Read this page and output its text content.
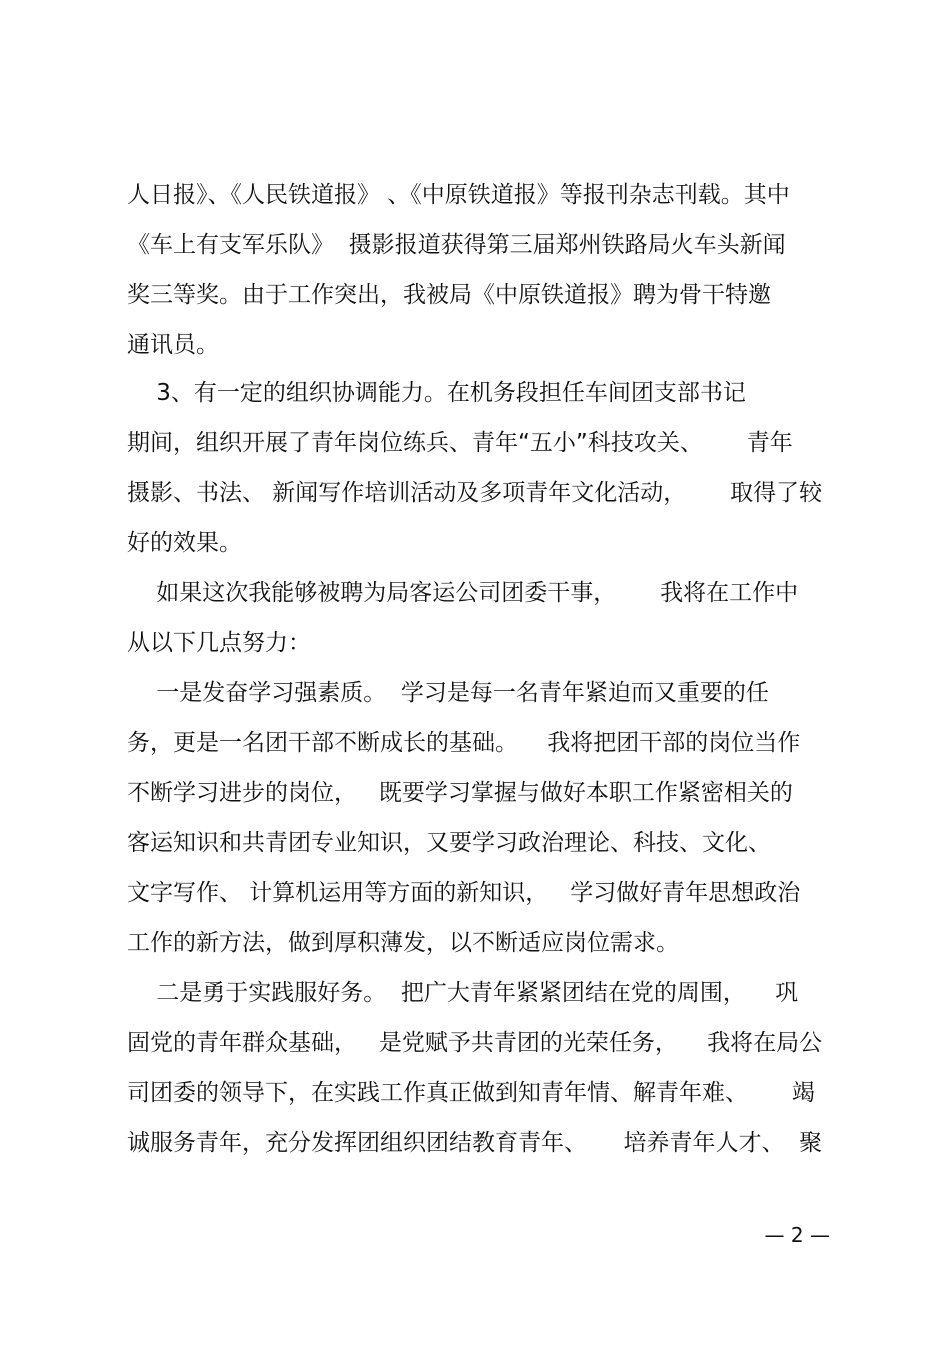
人日报》、《人民铁道报》 、《中原铁道报》等报刊杂志刊载。其中
《车上有支军乐队》  摄影报道获得第三届郑州铁路局火车头新闻
奖三等奖。由于工作突出，我被局《中原铁道报》聘为骨干特邀
通讯员。
3、有一定的组织协调能力。在机务段担任车间团支部书记
期间，组织开展了青年岗位练兵、青年“五小”科技攻关、      青年
摄影、书法、 新闻写作培训活动及多项青年文化活动，      取得了较
好的效果。
如果这次我能够被聘为局客运公司团委干事，      我将在工作中
从以下几点努力：
一是发奋学习强素质。  学习是每一名青年紧迫而又重要的任
务，更是一名团干部不断成长的基础。    我将把团干部的岗位当作
不断学习进步的岗位，   既要学习掌握与做好本职工作紧密相关的
客运知识和共青团专业知识，又要学习政治理论、科技、文化、
文字写作、 计算机运用等方面的新知识，   学习做好青年思想政治
工作的新方法，做到厚积薄发，以不断适应岗位需求。
二是勇于实践服好务。  把广大青年紧紧团结在党的周围，    巩
固党的青年群众基础，   是党赋予共青团的光荣任务，    我将在局公
司团委的领导下，在实践工作真正做到知青年情、解青年难、      竭
诚服务青年，充分发挥团组织团结教育青年、     培养青年人才、  聚
— 2 —
